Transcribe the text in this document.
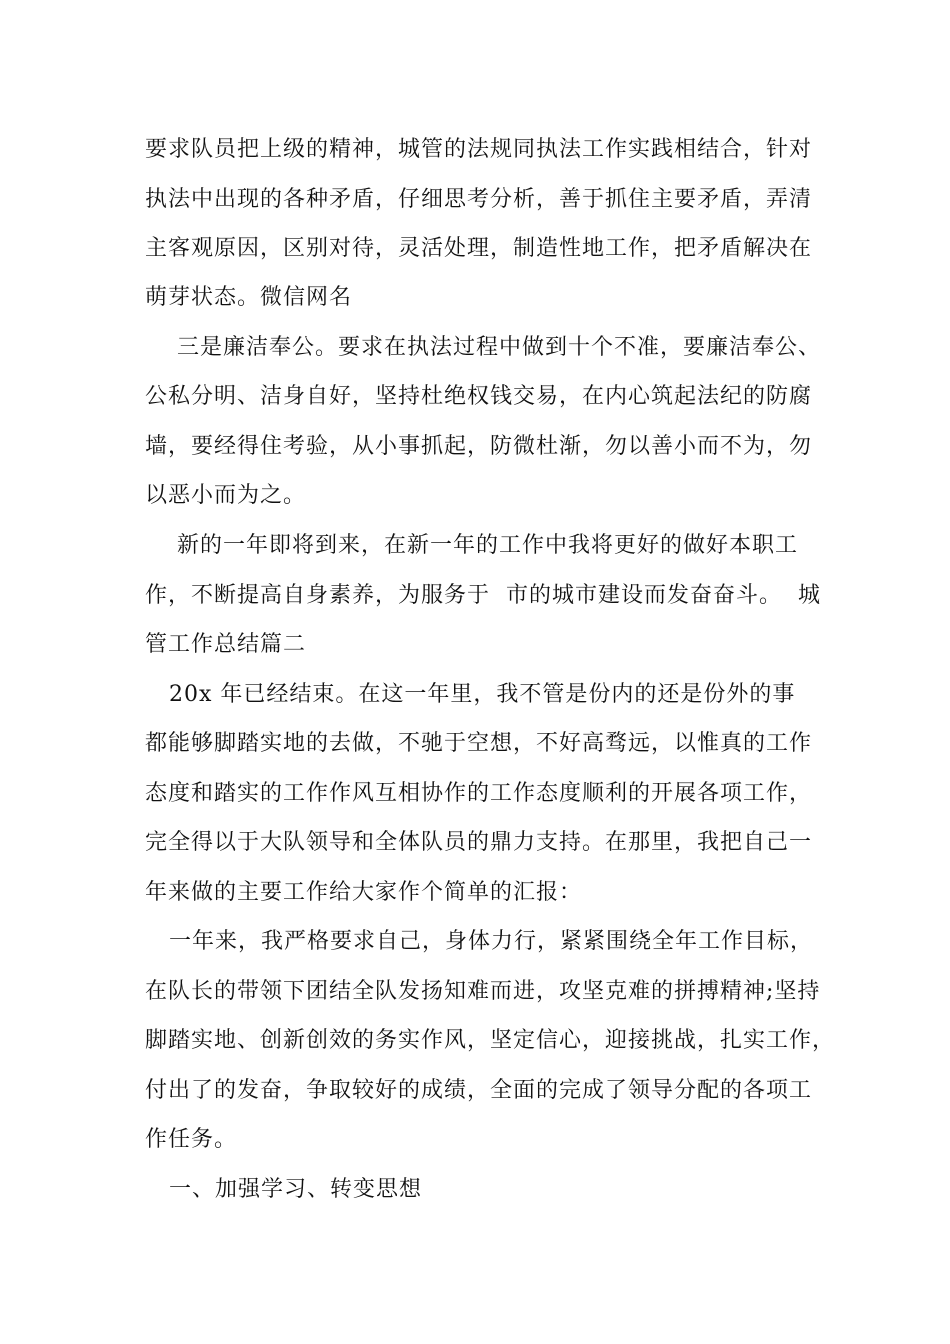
要求队员把上级的精神，城管的法规同执法工作实践相结合，针对
执法中出现的各种矛盾，仔细思考分析，善于抓住主要矛盾，弄清
主客观原因，区别对待，灵活处理，制造性地工作，把矛盾解决在
萌芽状态。微信网名
三是廉洁奉公。要求在执法过程中做到十个不准，要廉洁奉公、
公私分明、洁身自好，坚持杜绝权钱交易，在内心筑起法纪的防腐
墙，要经得住考验，从小事抓起，防微杜渐，勿以善小而不为，勿
以恶小而为之。
新的一年即将到来，在新一年的工作中我将更好的做好本职工
作，不断提高自身素养，为服务于  市的城市建设而发奋奋斗。  城
管工作总结篇二
20x 年已经结束。在这一年里，我不管是份内的还是份外的事
都能够脚踏实地的去做，不驰于空想，不好高骛远，以惟真的工作
态度和踏实的工作作风互相协作的工作态度顺利的开展各项工作，
完全得以于大队领导和全体队员的鼎力支持。在那里，我把自己一
年来做的主要工作给大家作个简单的汇报：
一年来，我严格要求自己，身体力行，紧紧围绕全年工作目标，
在队长的带领下团结全队发扬知难而进，攻坚克难的拼搏精神;坚持
脚踏实地、创新创效的务实作风，坚定信心，迎接挑战，扎实工作，
付出了的发奋，争取较好的成绩，全面的完成了领导分配的各项工
作任务。
一、加强学习、转变思想
